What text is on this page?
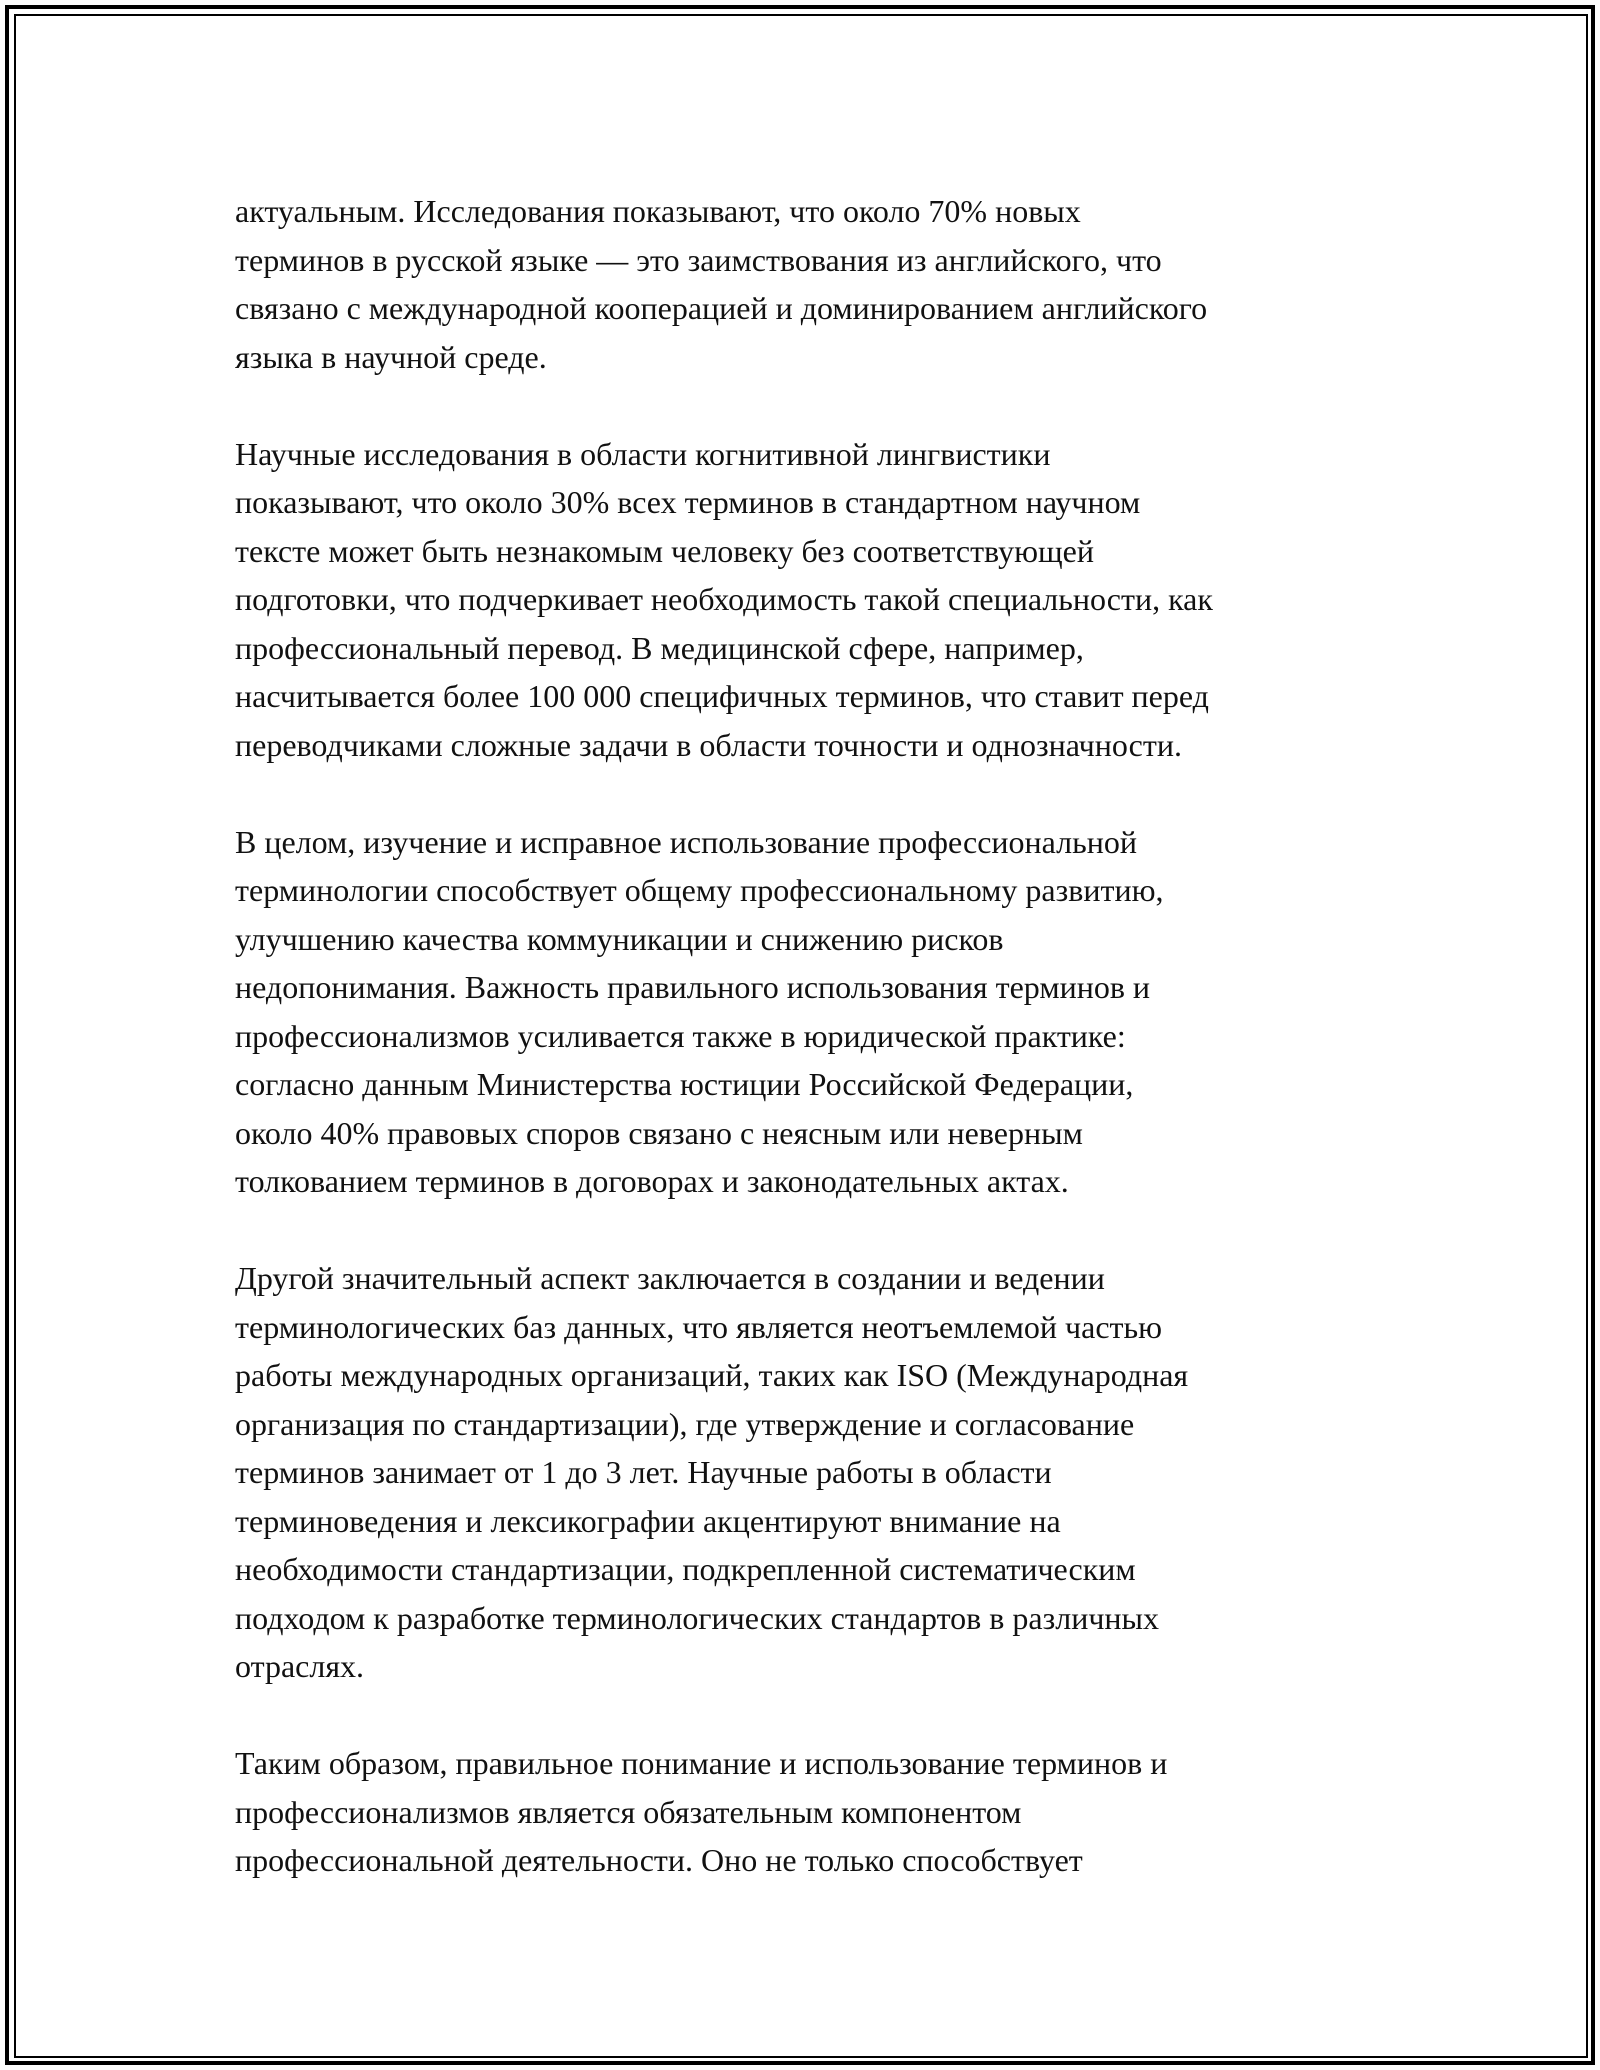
актуальным. Исследования показывают, что около 70% новых
терминов в русской языке — это заимствования из английского, что
связано с международной кооперацией и доминированием английского
языка в научной среде.

Научные исследования в области когнитивной лингвистики
показывают, что около 30% всех терминов в стандартном научном
тексте может быть незнакомым человеку без соответствующей
подготовки, что подчеркивает необходимость такой специальности, как
профессиональный перевод. В медицинской сфере, например,
насчитывается более 100 000 специфичных терминов, что ставит перед
переводчиками сложные задачи в области точности и однозначности.

В целом, изучение и исправное использование профессиональной
терминологии способствует общему профессиональному развитию,
улучшению качества коммуникации и снижению рисков
недопонимания. Важность правильного использования терминов и
профессионализмов усиливается также в юридической практике:
согласно данным Министерства юстиции Российской Федерации,
около 40% правовых споров связано с неясным или неверным
толкованием терминов в договорах и законодательных актах.

Другой значительный аспект заключается в создании и ведении
терминологических баз данных, что является неотъемлемой частью
работы международных организаций, таких как ISO (Международная
организация по стандартизации), где утверждение и согласование
терминов занимает от 1 до 3 лет. Научные работы в области
терминоведения и лексикографии акцентируют внимание на
необходимости стандартизации, подкрепленной систематическим
подходом к разработке терминологических стандартов в различных
отраслях.

Таким образом, правильное понимание и использование терминов и
профессионализмов является обязательным компонентом
профессиональной деятельности. Оно не только способствует
